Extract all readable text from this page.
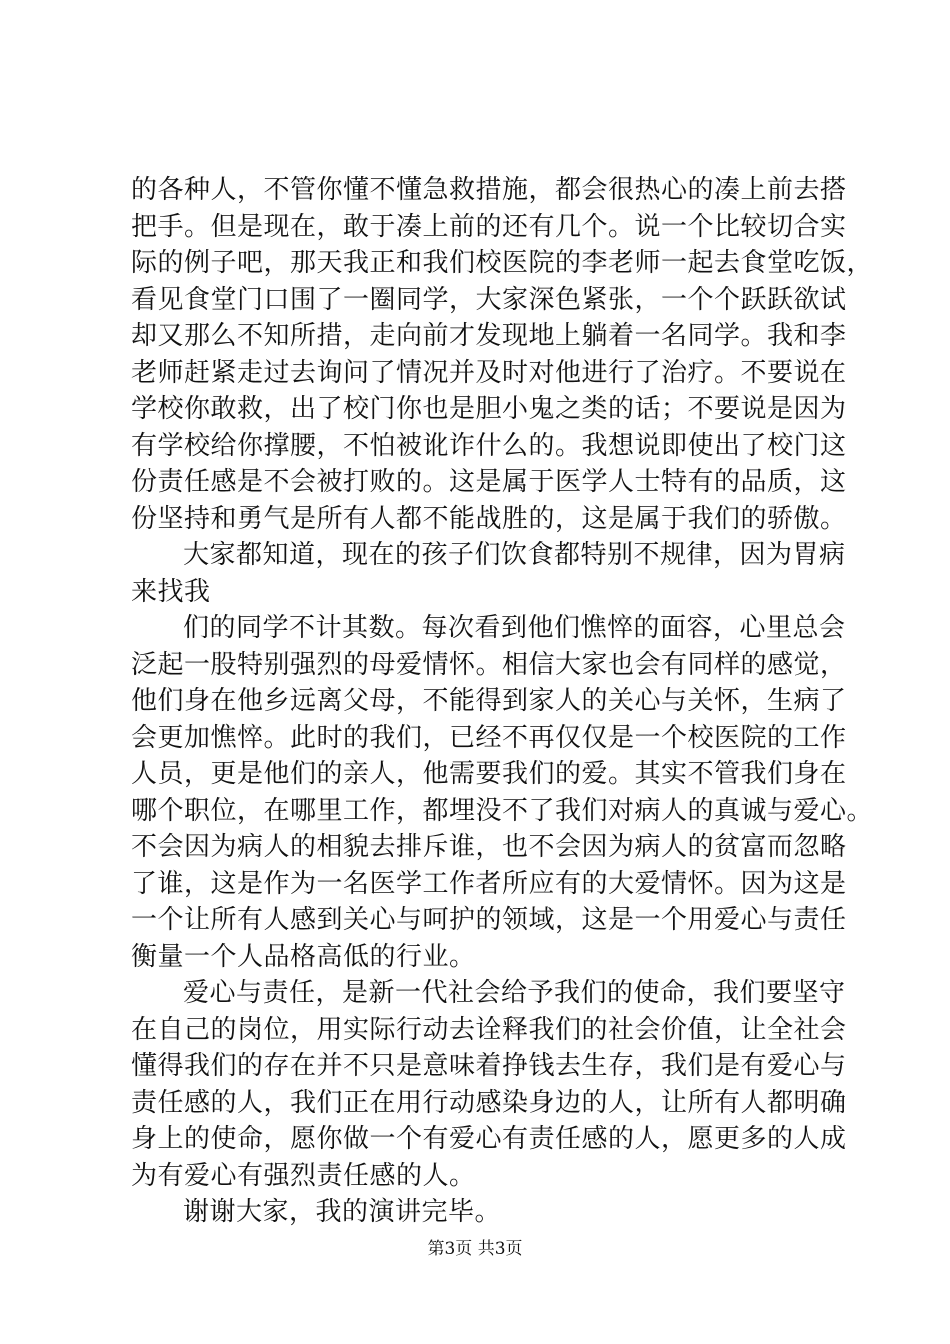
的各种人，不管你懂不懂急救措施，都会很热心的凑上前去搭
把手。但是现在，敢于凑上前的还有几个。说一个比较切合实
际的例子吧，那天我正和我们校医院的李老师一起去食堂吃饭，
看见食堂门口围了一圈同学，大家深色紧张，一个个跃跃欲试
却又那么不知所措，走向前才发现地上躺着一名同学。我和李
老师赶紧走过去询问了情况并及时对他进行了治疗。不要说在
学校你敢救，出了校门你也是胆小鬼之类的话；不要说是因为
有学校给你撑腰，不怕被讹诈什么的。我想说即使出了校门这
份责任感是不会被打败的。这是属于医学人士特有的品质，这
份坚持和勇气是所有人都不能战胜的，这是属于我们的骄傲。
大家都知道，现在的孩子们饮食都特别不规律，因为胃病
来找我
们的同学不计其数。每次看到他们憔悴的面容，心里总会
泛起一股特别强烈的母爱情怀。相信大家也会有同样的感觉，
他们身在他乡远离父母，不能得到家人的关心与关怀，生病了
会更加憔悴。此时的我们，已经不再仅仅是一个校医院的工作
人员，更是他们的亲人，他需要我们的爱。其实不管我们身在
哪个职位，在哪里工作，都埋没不了我们对病人的真诚与爱心。
不会因为病人的相貌去排斥谁，也不会因为病人的贫富而忽略
了谁，这是作为一名医学工作者所应有的大爱情怀。因为这是
一个让所有人感到关心与呵护的领域，这是一个用爱心与责任
衡量一个人品格高低的行业。
爱心与责任，是新一代社会给予我们的使命，我们要坚守
在自己的岗位，用实际行动去诠释我们的社会价值，让全社会
懂得我们的存在并不只是意味着挣钱去生存，我们是有爱心与
责任感的人，我们正在用行动感染身边的人，让所有人都明确
身上的使命，愿你做一个有爱心有责任感的人，愿更多的人成
为有爱心有强烈责任感的人。
谢谢大家，我的演讲完毕。
第3页 共3页
